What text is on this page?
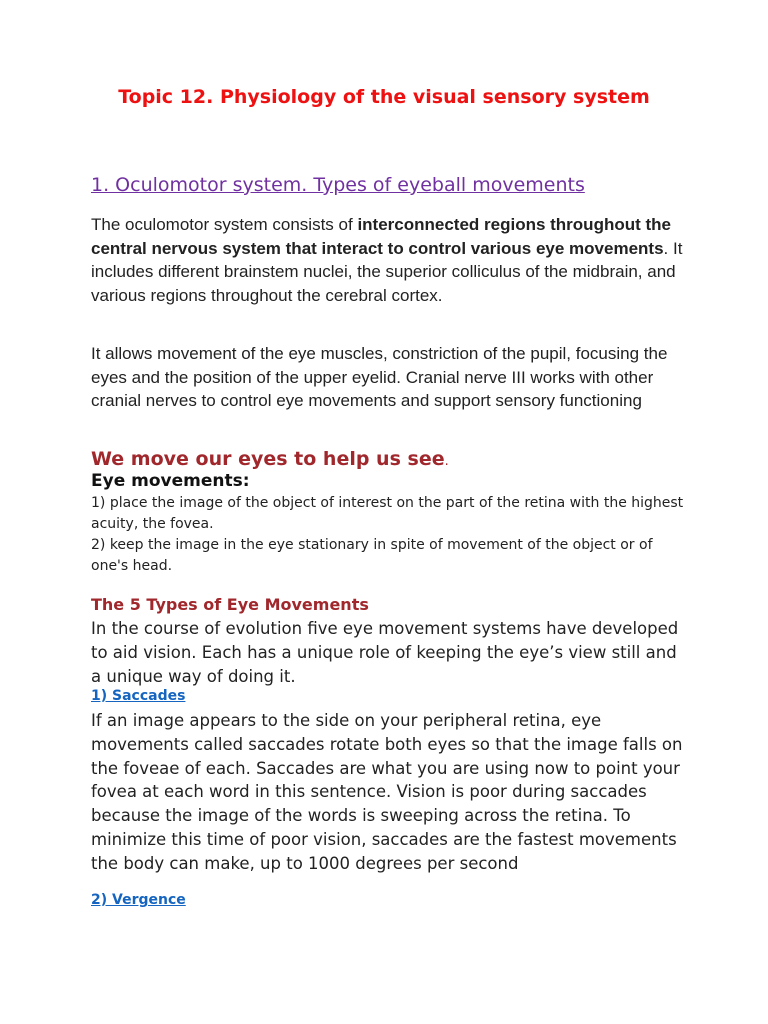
Topic 12. Physiology of the visual sensory system
1. Oculomotor system. Types of eyeball movements
The oculomotor system consists of interconnected regions throughout the central nervous system that interact to control various eye movements. It includes different brainstem nuclei, the superior colliculus of the midbrain, and various regions throughout the cerebral cortex.
It allows movement of the eye muscles, constriction of the pupil, focusing the eyes and the position of the upper eyelid. Cranial nerve III works with other cranial nerves to control eye movements and support sensory functioning
We move our eyes to help us see.
Eye movements:
1) place the image of the object of interest on the part of the retina with the highest acuity, the fovea.
2) keep the image in the eye stationary in spite of movement of the object or of one's head.
The 5 Types of Eye Movements
In the course of evolution five eye movement systems have developed to aid vision. Each has a unique role of keeping the eye’s view still and a unique way of doing it.
1) Saccades
If an image appears to the side on your peripheral retina, eye movements called saccades rotate both eyes so that the image falls on the foveae of each. Saccades are what you are using now to point your fovea at each word in this sentence. Vision is poor during saccades because the image of the words is sweeping across the retina. To minimize this time of poor vision, saccades are the fastest movements the body can make, up to 1000 degrees per second
2) Vergence
